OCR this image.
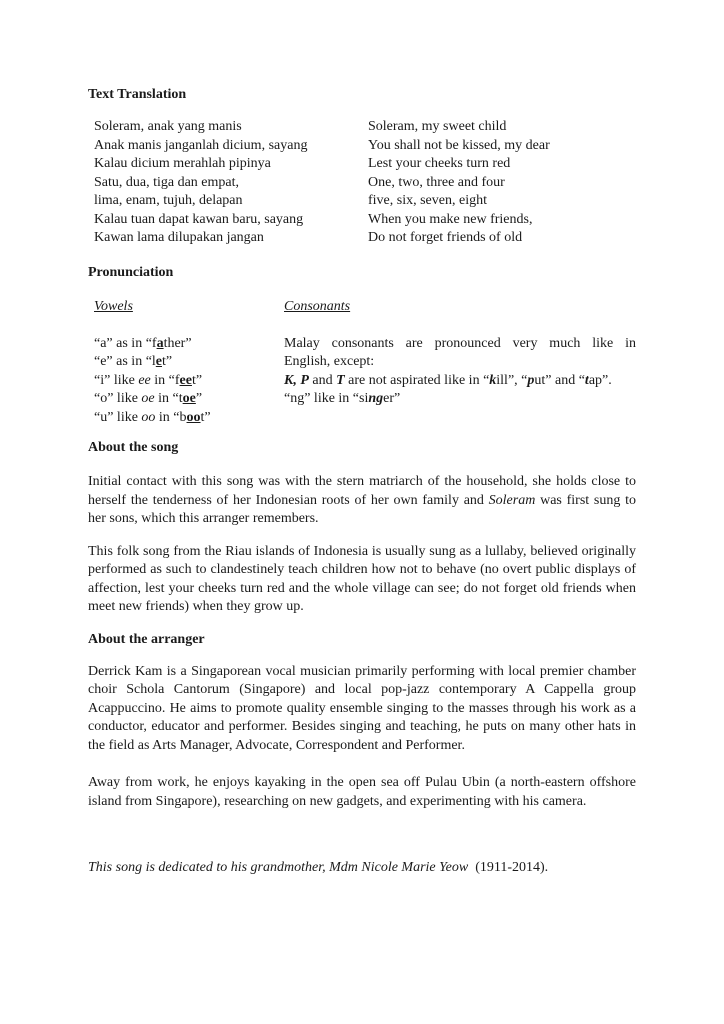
Text Translation
Soleram, anak yang manis	Soleram, my sweet child
Anak manis janganlah dicium, sayang	You shall not be kissed, my dear
Kalau dicium merahlah pipinya	Lest your cheeks turn red
Satu, dua, tiga dan empat,	One, two, three and four
lima, enam, tujuh, delapan	five, six, seven, eight
Kalau tuan dapat kawan baru, sayang	When you make new friends,
Kawan lama dilupakan jangan	Do not forget friends of old
Pronunciation
Vowels	Consonants
“a” as in “father”	Malay consonants are pronounced very much like in
“e” as in “let”	English, except:
“i” like ee in “feet”	K, P and T are not aspirated like in “kill”, “put” and “tap”.
“o” like oe in “toe”	“ng” like in “singer”
“u” like oo in “boot”
About the song

Initial contact with this song was with the stern matriarch of the household, she holds close to herself the tenderness of her Indonesian roots of her own family and Soleram was first sung to her sons, which this arranger remembers.

This folk song from the Riau islands of Indonesia is usually sung as a lullaby, believed originally performed as such to clandestinely teach children how not to behave (no overt public displays of affection, lest your cheeks turn red and the whole village can see; do not forget old friends when meet new friends) when they grow up.

About the arranger

Derrick Kam is a Singaporean vocal musician primarily performing with local premier chamber choir Schola Cantorum (Singapore) and local pop-jazz contemporary A Cappella group Acappuccino. He aims to promote quality ensemble singing to the masses through his work as a conductor, educator and performer. Besides singing and teaching, he puts on many other hats in the field as Arts Manager, Advocate, Correspondent and Performer.

Away from work, he enjoys kayaking in the open sea off Pulau Ubin (a north-eastern offshore island from Singapore), researching on new gadgets, and experimenting with his camera.

This song is dedicated to his grandmother, Mdm Nicole Marie Yeow (1911-2014).
